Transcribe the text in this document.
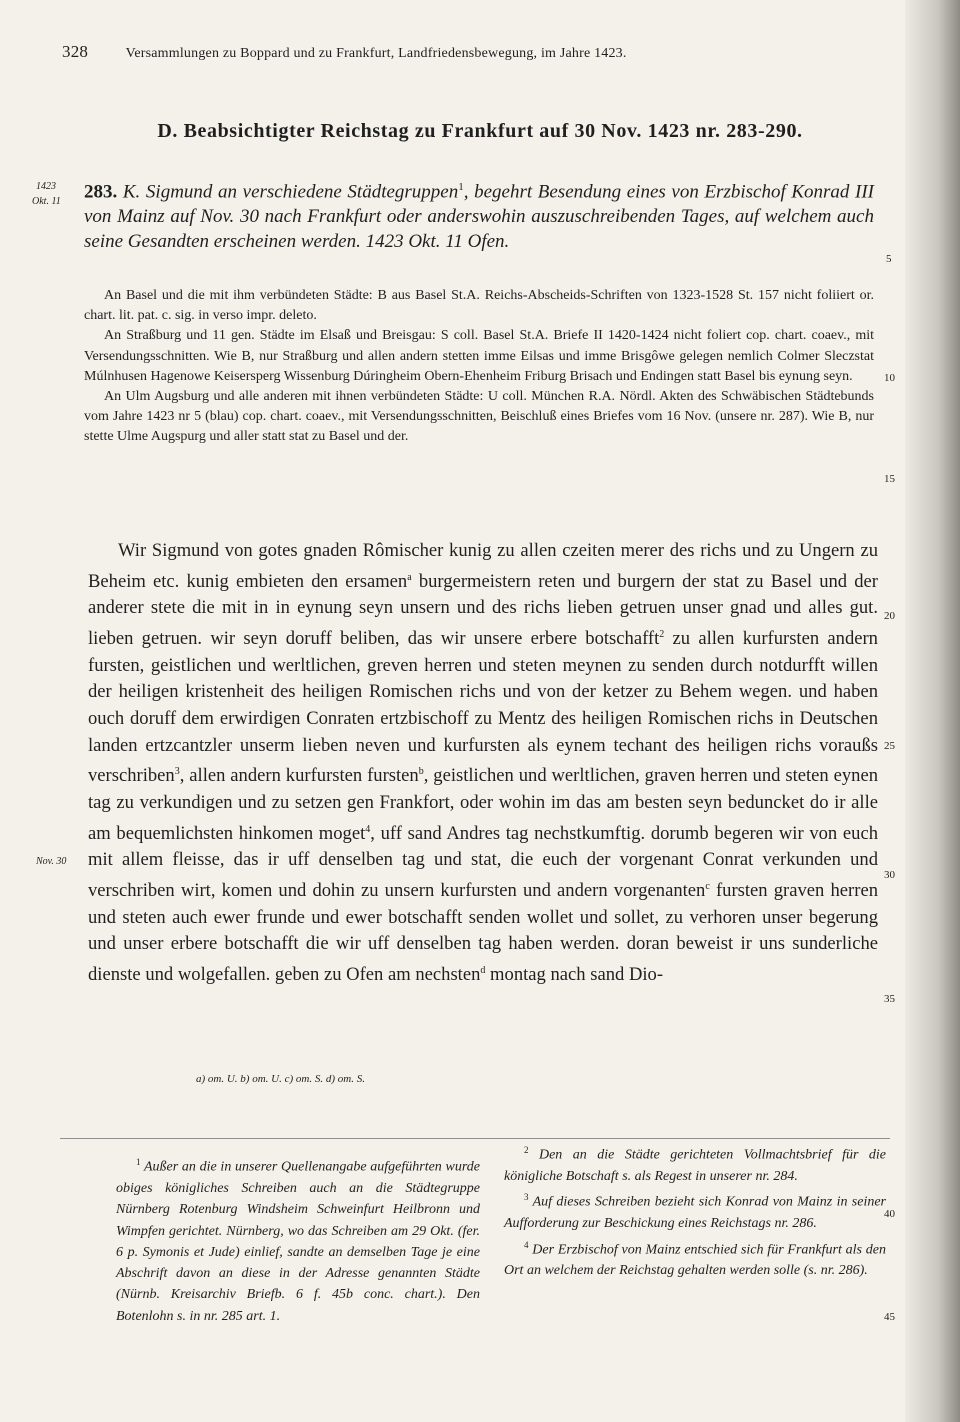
328	Versammlungen zu Boppard und zu Frankfurt, Landfriedensbewegung, im Jahre 1423.
D. Beabsichtigter Reichstag zu Frankfurt auf 30 Nov. 1423 nr. 283-290.
1423
Okt. 11 283. K. Sigmund an verschiedene Städtegruppen$^1$, begehrt Besendung eines von Erzbischof Konrad III von Mainz auf Nov. 30 nach Frankfurt oder anderswohin auszuschreibenden Tages, auf welchem auch seine Gesandten erscheinen werden. 1423 Okt. 11 Ofen.

An Basel und die mit ihm verbündeten Städte: B aus Basel St.A. Reichs-Abscheids-Schriften von 1323-1528 St. 157 nicht foliiert or. chart. lit. pat. c. sig. in verso impr. deleto.

An Straßburg und 11 gen. Städte im Elsaß und Breisgau: S coll. Basel St.A. Briefe II 1420-1424 nicht foliert cop. chart. coaev., mit Versendungsschnitten. Wie B, nur Straßburg und allen andern stetten imme Eilsas und imme Brisgôwe gelegen nemlich Colmer Sleczstat Múlnhusen Hagenowe Keisersperg Wissenburg Dúringheim Obern-Ehenheim Friburg Brisach und Endingen statt Basel bis eynung seyn.

An Ulm Augsburg und alle anderen mit ihnen verbündeten Städte: U coll. München R.A. Nördl. Akten des Schwäbischen Städtebunds vom Jahre 1423 nr 5 (blau) cop. chart. coaev., mit Versendungsschnitten, Beischluß eines Briefes vom 16 Nov. (unsere nr. 287). Wie B, nur stette Ulme Augspurg und aller statt stat zu Basel und der.

Wir Sigmund von gotes gnaden Rômischer kunig zu allen czeiten merer des richs und zu Ungern zu Beheim etc. kunig embieten den ersamen$^a$ burgermeistern reten und burgern der stat zu Basel und der anderer stete die mit in in eynung seyn unsern und des richs lieben getruen unser gnad und alles gut. lieben getruen. wir seyn doruff beliben, das wir unsere erbere botschafft$^2$ zu allen kurfursten andern fursten, geistlichen und werltlichen, greven herren und steten meynen zu senden durch notdurfft willen der heiligen kristenheit des heiligen Romischen richs und von der ketzer zu Behem wegen. und haben ouch doruff dem erwirdigen Conraten ertzbischoff zu Mentz des heiligen Romischen richs in Deutschen landen ertzcantzler unserm lieben neven und kurfursten als eynem techant des heiligen richs voraußs verschriben$^3$, allen andern kurfursten fursten$^b$, geistlichen und werltlichen, graven herren und steten eynen tag zu verkundigen und zu setzen gen Frankfort, oder wohin im das am besten seyn beduncket do ir alle am bequemlichsten hinkomen moget$^4$, uff sand Andres tag nechstkumftig. dorumb begeren wir von euch mit allem fleisse, das ir uff denselben tag und stat, die euch der vorgenant Conrat verkunden und verschriben wirt, komen und dohin zu unsern kurfursten und andern vorgenanten$^c$ fursten graven herren und steten auch ewer frunde und ewer botschafft senden wollet und sollet, zu verhoren unser begerung und unser erbere botschafft die wir uff denselben tag haben werden. doran beweist ir uns sunderliche dienste und wolgefallen. geben zu Ofen am nechsten$^d$ montag nach sand Dio-

Nov. 30
5
10
15
20
25
30
35
40
45
a) om. U. b) om. U. c) om. S. d) om. S.

$^1$ Außer an die in unserer Quellenangabe aufgeführten wurde obiges königliches Schreiben auch an die Städtegruppe Nürnberg Rotenburg Windsheim Schweinfurt Heilbronn und Wimpfen gerichtet. Nürnberg, wo das Schreiben am 29 Okt. (fer. 6 p. Symonis et Jude) einlief, sandte an demselben Tage je eine Abschrift davon an diese in der Adresse genannten Städte (Nürnb. Kreisarchiv Briefb. 6 f. 45b conc. chart.). Den Botenlohn s. in nr. 285 art. 1.

$^2$ Den an die Städte gerichteten Vollmachtsbrief für die königliche Botschaft s. als Regest in unserer nr. 284.

$^3$ Auf dieses Schreiben bezieht sich Konrad von Mainz in seiner Aufforderung zur Beschickung eines Reichstags nr. 286.

$^4$ Der Erzbischof von Mainz entschied sich für Frankfurt als den Ort an welchem der Reichstag gehalten werden solle (s. nr. 286).
